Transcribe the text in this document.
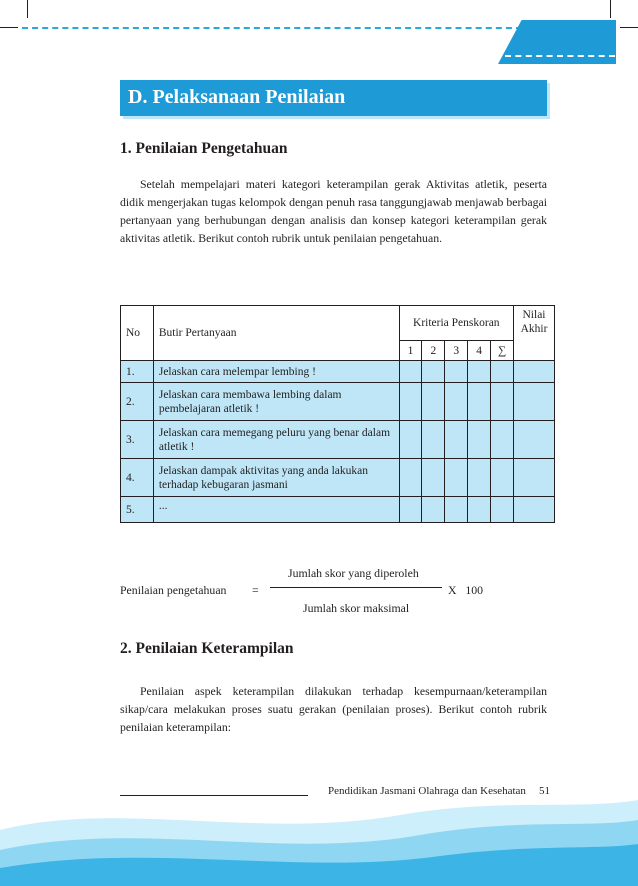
D. Pelaksanaan Penilaian
1. Penilaian Pengetahuan

Setelah mempelajari materi kategori keterampilan gerak Aktivitas atletik, peserta didik mengerjakan tugas kelompok dengan penuh rasa tanggungjawab menjawab berbagai pertanyaan yang berhubungan dengan analisis dan konsep kategori keterampilan gerak aktivitas atletik. Berikut contoh rubrik untuk penilaian pengetahuan.

No	Butir Pertanyaan	Kriteria Penskoran					Nilai Akhir
		1	2	3	4	∑	
1.	Jelaskan cara melempar lembing !						
2.	Jelaskan cara membawa lembing dalam pembelajaran atletik !						
3.	Jelaskan cara memegang peluru yang benar dalam atletik !						
4.	Jelaskan dampak aktivitas yang anda lakukan terhadap kebugaran jasmani						
5.	...						
Jumlah skor yang diperoleh
Penilaian pengetahuan =	X   100
Jumlah skor maksimal
2. Penilaian Keterampilan

Penilaian aspek keterampilan dilakukan terhadap kesempurnaan/keterampilan sikap/cara melakukan proses suatu gerakan (penilaian proses). Berikut contoh rubrik penilaian keterampilan:

Pendidikan Jasmani Olahraga dan Kesehatan 51
